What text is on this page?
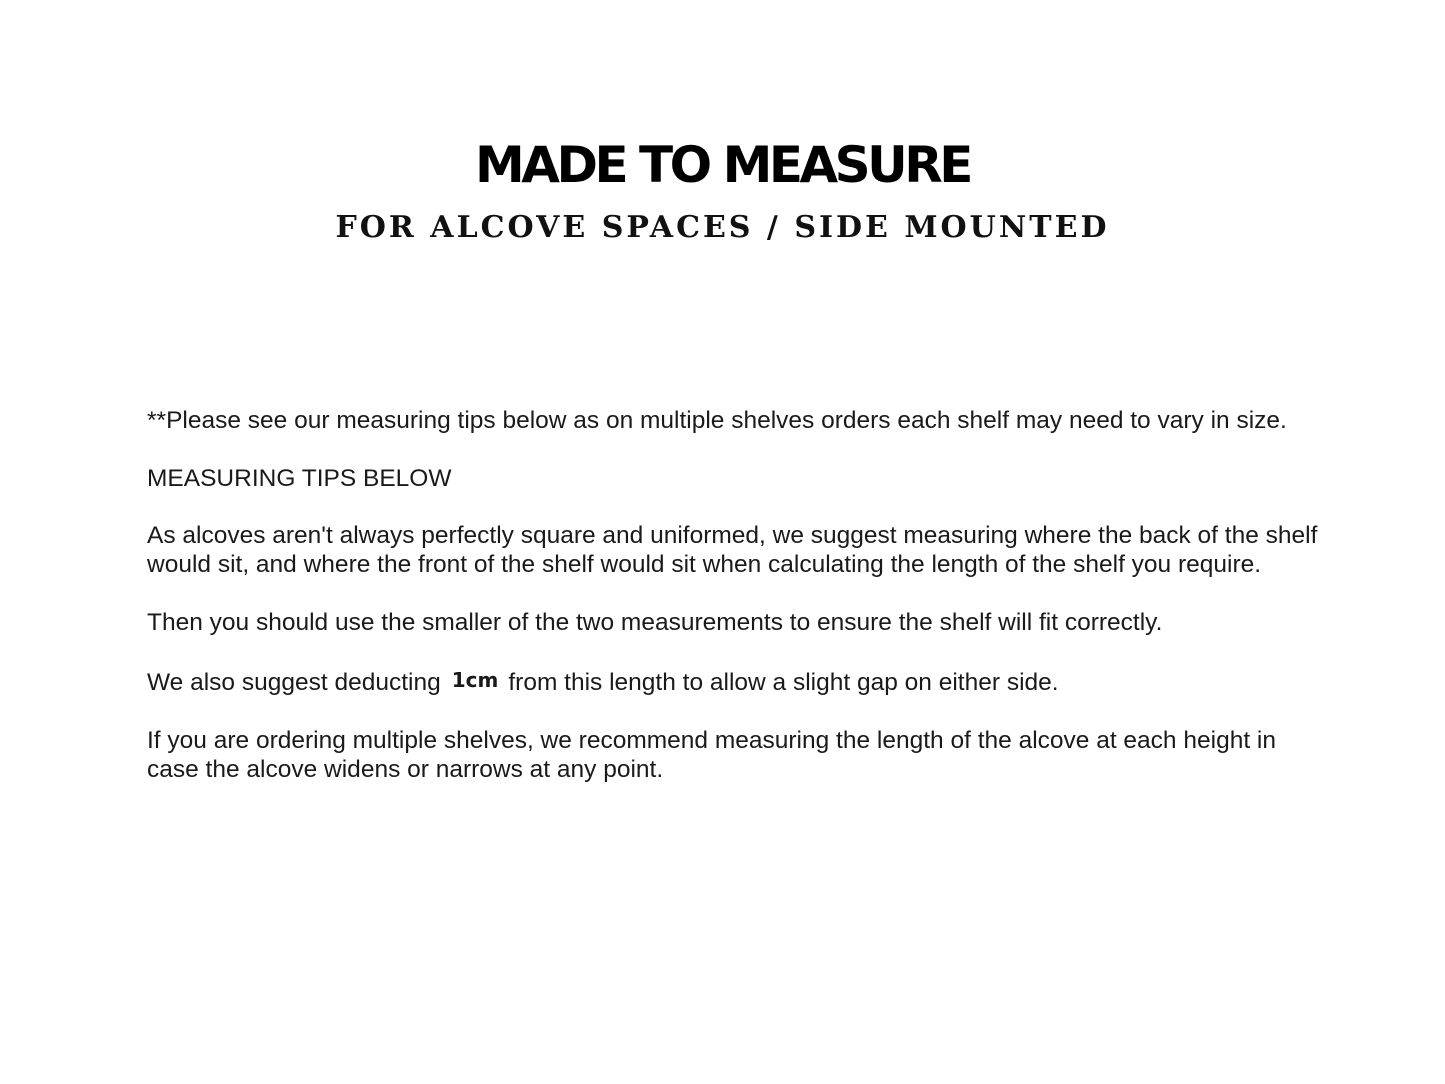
MADE TO MEASURE
FOR ALCOVE SPACES / SIDE MOUNTED

**Please see our measuring tips below as on multiple shelves orders each shelf may need to vary in size.

MEASURING TIPS BELOW

As alcoves aren't always perfectly square and uniformed, we suggest measuring where the back of the shelf would sit, and where the front of the shelf would sit when calculating the length of the shelf you require.

Then you should use the smaller of the two measurements to ensure the shelf will fit correctly.

We also suggest deducting 1cm from this length to allow a slight gap on either side.

If you are ordering multiple shelves, we recommend measuring the length of the alcove at each height in case the alcove widens or narrows at any point.
